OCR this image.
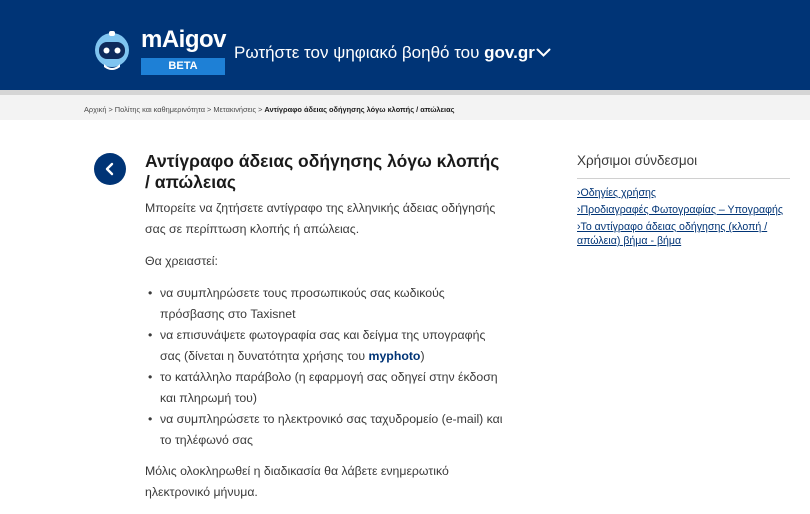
mAigov
BETA
Ρωτήστε τον ψηφιακό βοηθό του gov.gr
Αρχική > Πολίτης και καθημερινότητα > Μετακινήσεις > Αντίγραφο άδειας οδήγησης λόγω κλοπής / απώλειας
Αντίγραφο άδειας οδήγησης λόγω κλοπής / απώλειας

Μπορείτε να ζητήσετε αντίγραφο της ελληνικής άδειας οδήγησής σας σε περίπτωση κλοπής ή απώλειας.

Θα χρειαστεί:

• να συμπληρώσετε τους προσωπικούς σας κωδικούς πρόσβασης στο Taxisnet
• να επισυνάψετε φωτογραφία σας και δείγμα της υπογραφής σας (δίνεται η δυνατότητα χρήσης του myphoto)
• το κατάλληλο παράβολο (η εφαρμογή σας οδηγεί στην έκδοση και πληρωμή του)
• να συμπληρώσετε το ηλεκτρονικό σας ταχυδρομείο (e-mail) και το τηλέφωνό σας

Μόλις ολοκληρωθεί η διαδικασία θα λάβετε ενημερωτικό ηλεκτρονικό μήνυμα.

Χρήσιμοι σύνδεσμοι
›Οδηγίες χρήσης
›Προδιαγραφές Φωτογραφίας – Υπογραφής
›Το αντίγραφο άδειας οδήγησης (κλοπή / απώλεια) βήμα - βήμα
